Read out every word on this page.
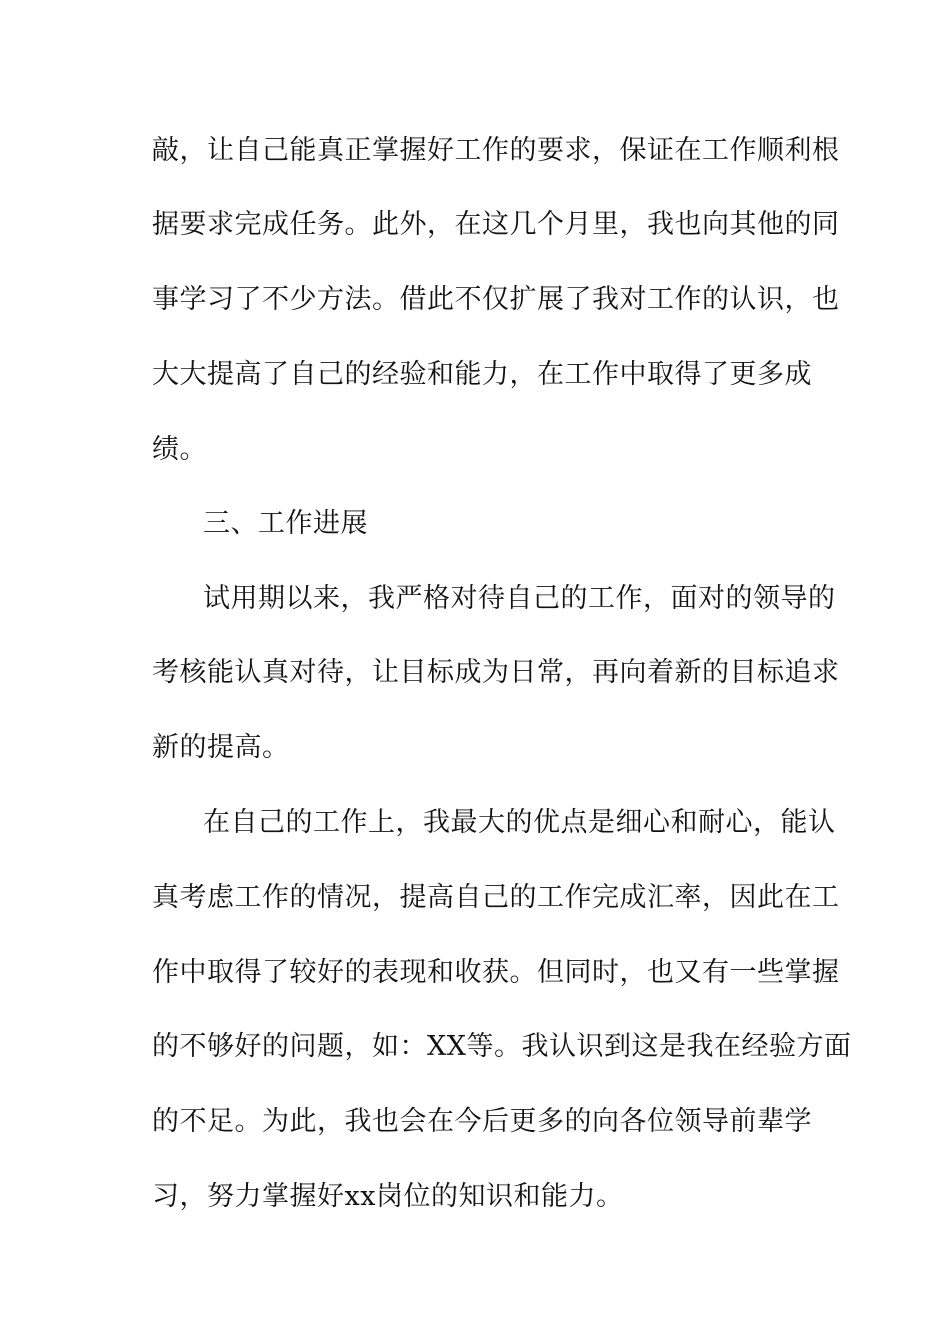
敲，让自己能真正掌握好工作的要求，保证在工作顺利根
据要求完成任务。此外，在这几个月里，我也向其他的同
事学习了不少方法。借此不仅扩展了我对工作的认识，也
大大提高了自己的经验和能力，在工作中取得了更多成
绩。
三、工作进展
试用期以来，我严格对待自己的工作，面对的领导的
考核能认真对待，让目标成为日常，再向着新的目标追求
新的提高。
在自己的工作上，我最大的优点是细心和耐心，能认
真考虑工作的情况，提高自己的工作完成汇率，因此在工
作中取得了较好的表现和收获。但同时，也又有一些掌握
的不够好的问题，如：XX等。我认识到这是我在经验方面
的不足。为此，我也会在今后更多的向各位领导前辈学
习，努力掌握好xx岗位的知识和能力。
